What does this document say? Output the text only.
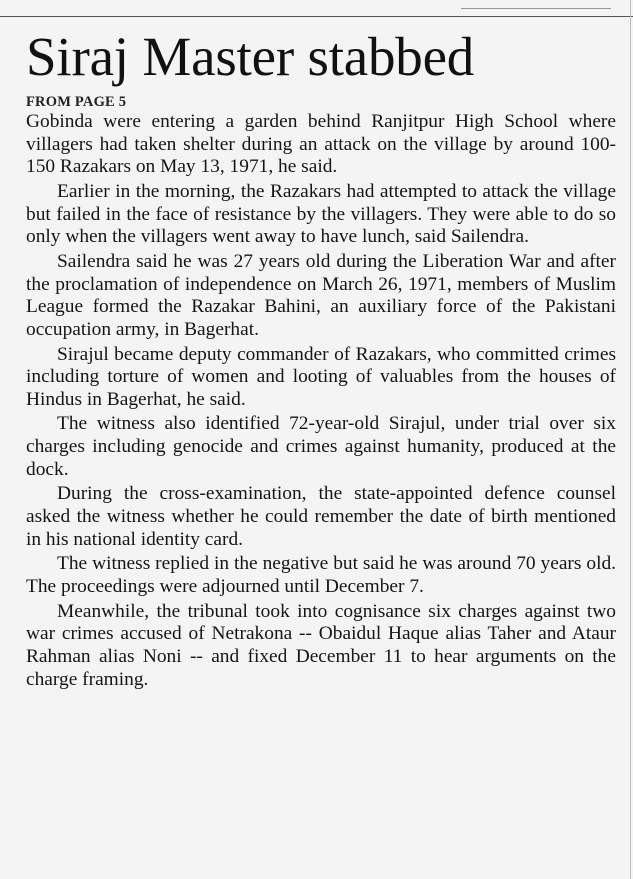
Siraj Master stabbed
FROM PAGE 5

Gobinda were entering a garden behind Ranjitpur High School where villagers had taken shelter during an attack on the village by around 100-150 Razakars on May 13, 1971, he said.

Earlier in the morning, the Razakars had attempted to attack the village but failed in the face of resistance by the villagers. They were able to do so only when the villagers went away to have lunch, said Sailendra.

Sailendra said he was 27 years old during the Liberation War and after the proclamation of independence on March 26, 1971, members of Muslim League formed the Razakar Bahini, an auxiliary force of the Pakistani occupation army, in Bagerhat.

Sirajul became deputy commander of Razakars, who committed crimes including torture of women and looting of valuables from the houses of Hindus in Bagerhat, he said.

The witness also identified 72-year-old Sirajul, under trial over six charges including genocide and crimes against humanity, produced at the dock.

During the cross-examination, the state-appointed defence counsel asked the witness whether he could remember the date of birth mentioned in his national identity card.

The witness replied in the negative but said he was around 70 years old. The proceedings were adjourned until December 7.

Meanwhile, the tribunal took into cognisance six charges against two war crimes accused of Netrakona -- Obaidul Haque alias Taher and Ataur Rahman alias Noni -- and fixed December 11 to hear arguments on the charge framing.
